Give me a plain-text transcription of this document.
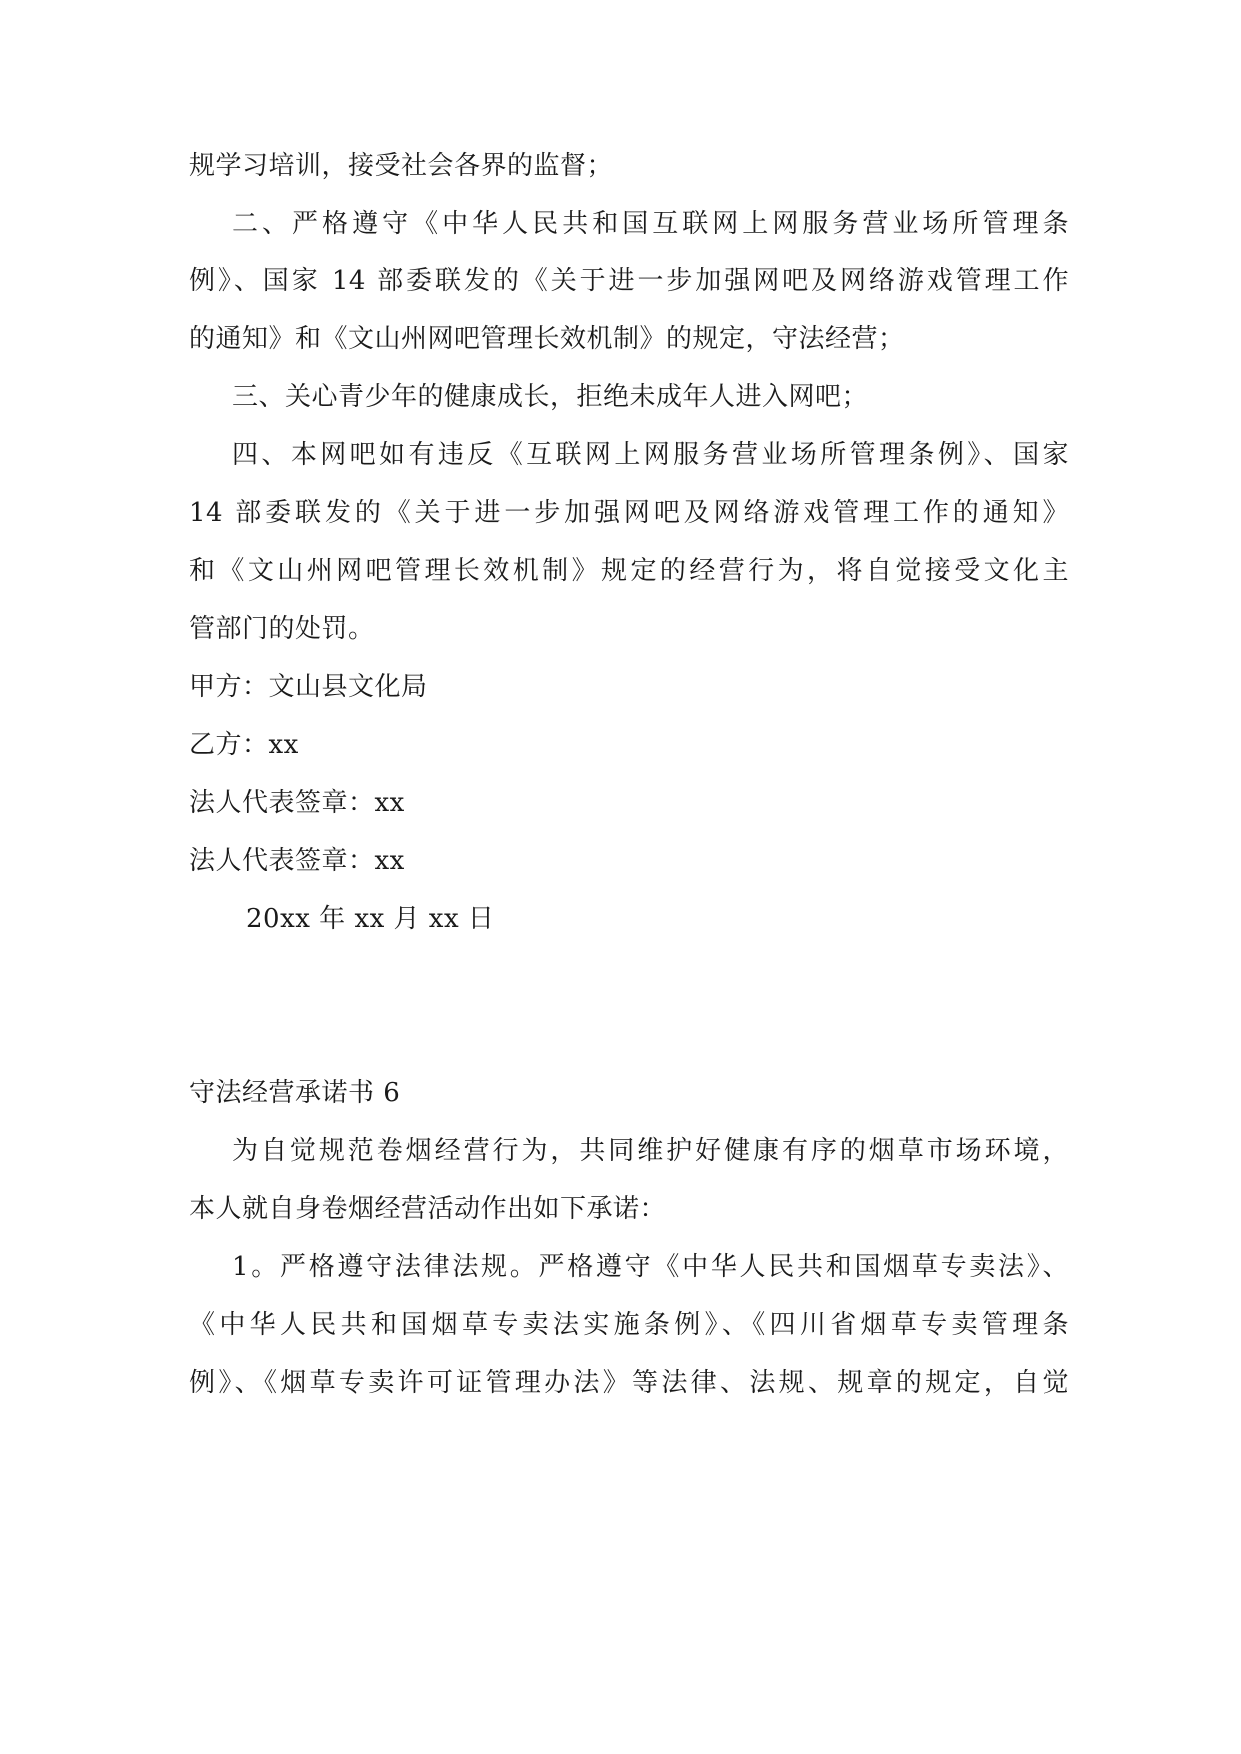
规学习培训，接受社会各界的监督；
二、严格遵守《中华人民共和国互联网上网服务营业场所管理条
例》、国家 14 部委联发的《关于进一步加强网吧及网络游戏管理工作
的通知》和《文山州网吧管理长效机制》的规定，守法经营；
三、关心青少年的健康成长，拒绝未成年人进入网吧；
四、本网吧如有违反《互联网上网服务营业场所管理条例》、国家
14 部委联发的《关于进一步加强网吧及网络游戏管理工作的通知》
和《文山州网吧管理长效机制》规定的经营行为，将自觉接受文化主
管部门的处罚。
甲方：文山县文化局
乙方：xx
法人代表签章：xx
法人代表签章：xx
20xx 年 xx 月 xx 日
守法经营承诺书 6
为自觉规范卷烟经营行为，共同维护好健康有序的烟草市场环境，
本人就自身卷烟经营活动作出如下承诺：
1。严格遵守法律法规。严格遵守《中华人民共和国烟草专卖法》、
《中华人民共和国烟草专卖法实施条例》、《四川省烟草专卖管理条
例》、《烟草专卖许可证管理办法》等法律、法规、规章的规定，自觉
